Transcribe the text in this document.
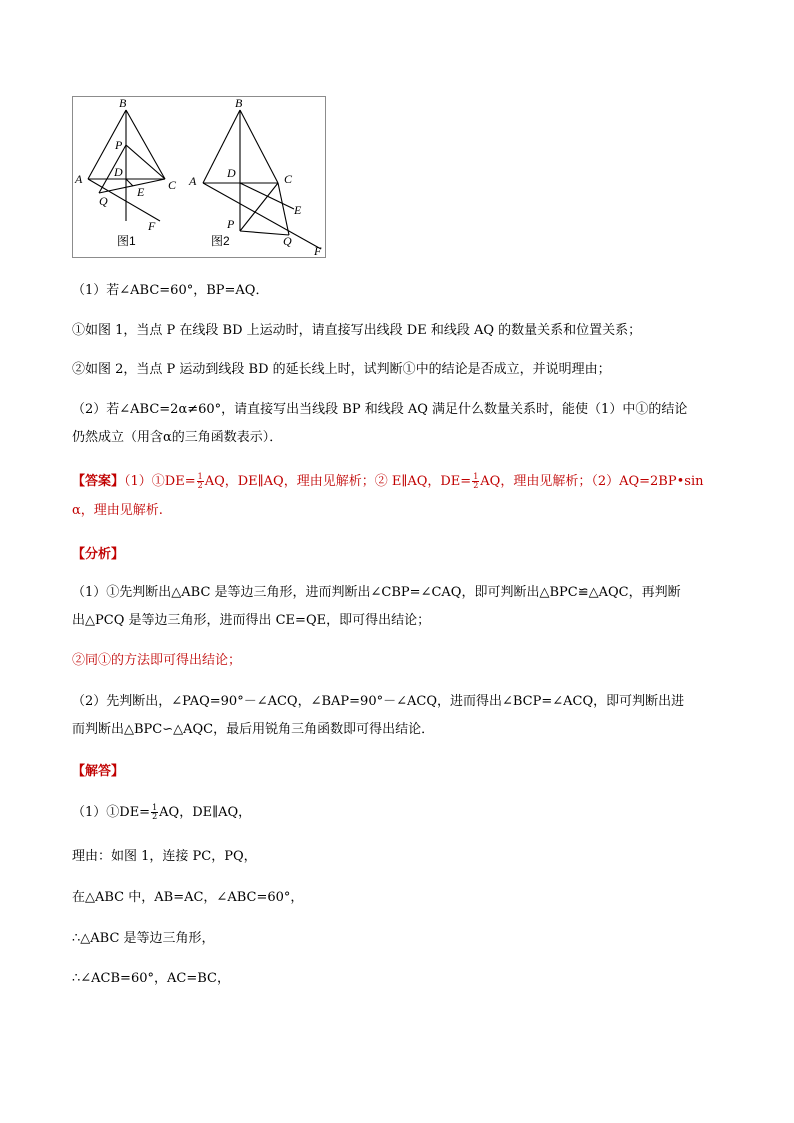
B
P
D
A
E C
Q
F
图1
B
D	C
A
E
P
Q
F
图2
（1）若∠ABC=60°，BP=AQ．
①如图 1，当点 P 在线段 BD 上运动时，请直接写出线段 DE 和线段 AQ 的数量关系和位置关系；
②如图 2，当点 P 运动到线段 BD 的延长线上时，试判断①中的结论是否成立，并说明理由；
（2）若∠ABC=2α≠60°，请直接写出当线段 BP 和线段 AQ 满足什么数量关系时，能使（1）中①的结论
仍然成立（用含α的三角函数表示）．
【答案】（1）①DE= $\frac{1}{2}$ AQ，DE∥AQ，理由见解析；② E∥AQ，$DE= \frac{1}{2}$ AQ，理由见解析；（2）AQ=2BP•sin
α，理由见解析.
【分析】
（1）①先判断出△ABC 是等边三角形，进而判断出∠CBP=∠CAQ，即可判断出△BPC≌△AQC，再判断
出△PCQ 是等边三角形，进而得出 CE=QE，即可得出结论；
②同①的方法即可得出结论；
（2）先判断出，∠PAQ=90°－∠ACQ，∠BAP=90°－∠ACQ，进而得出∠BCP=∠ACQ，即可判断出进
而判断出△BPC∽△AQC，最后用锐角三角函数即可得出结论．
【解答】
（1）①DE= $\frac{1}{2}$ AQ，DE∥AQ，
理由：如图 1，连接 PC，PQ，
在△ABC 中，AB=AC，∠ABC=60°，
∴△ABC 是等边三角形，
∴∠ACB=60°，AC=BC，
